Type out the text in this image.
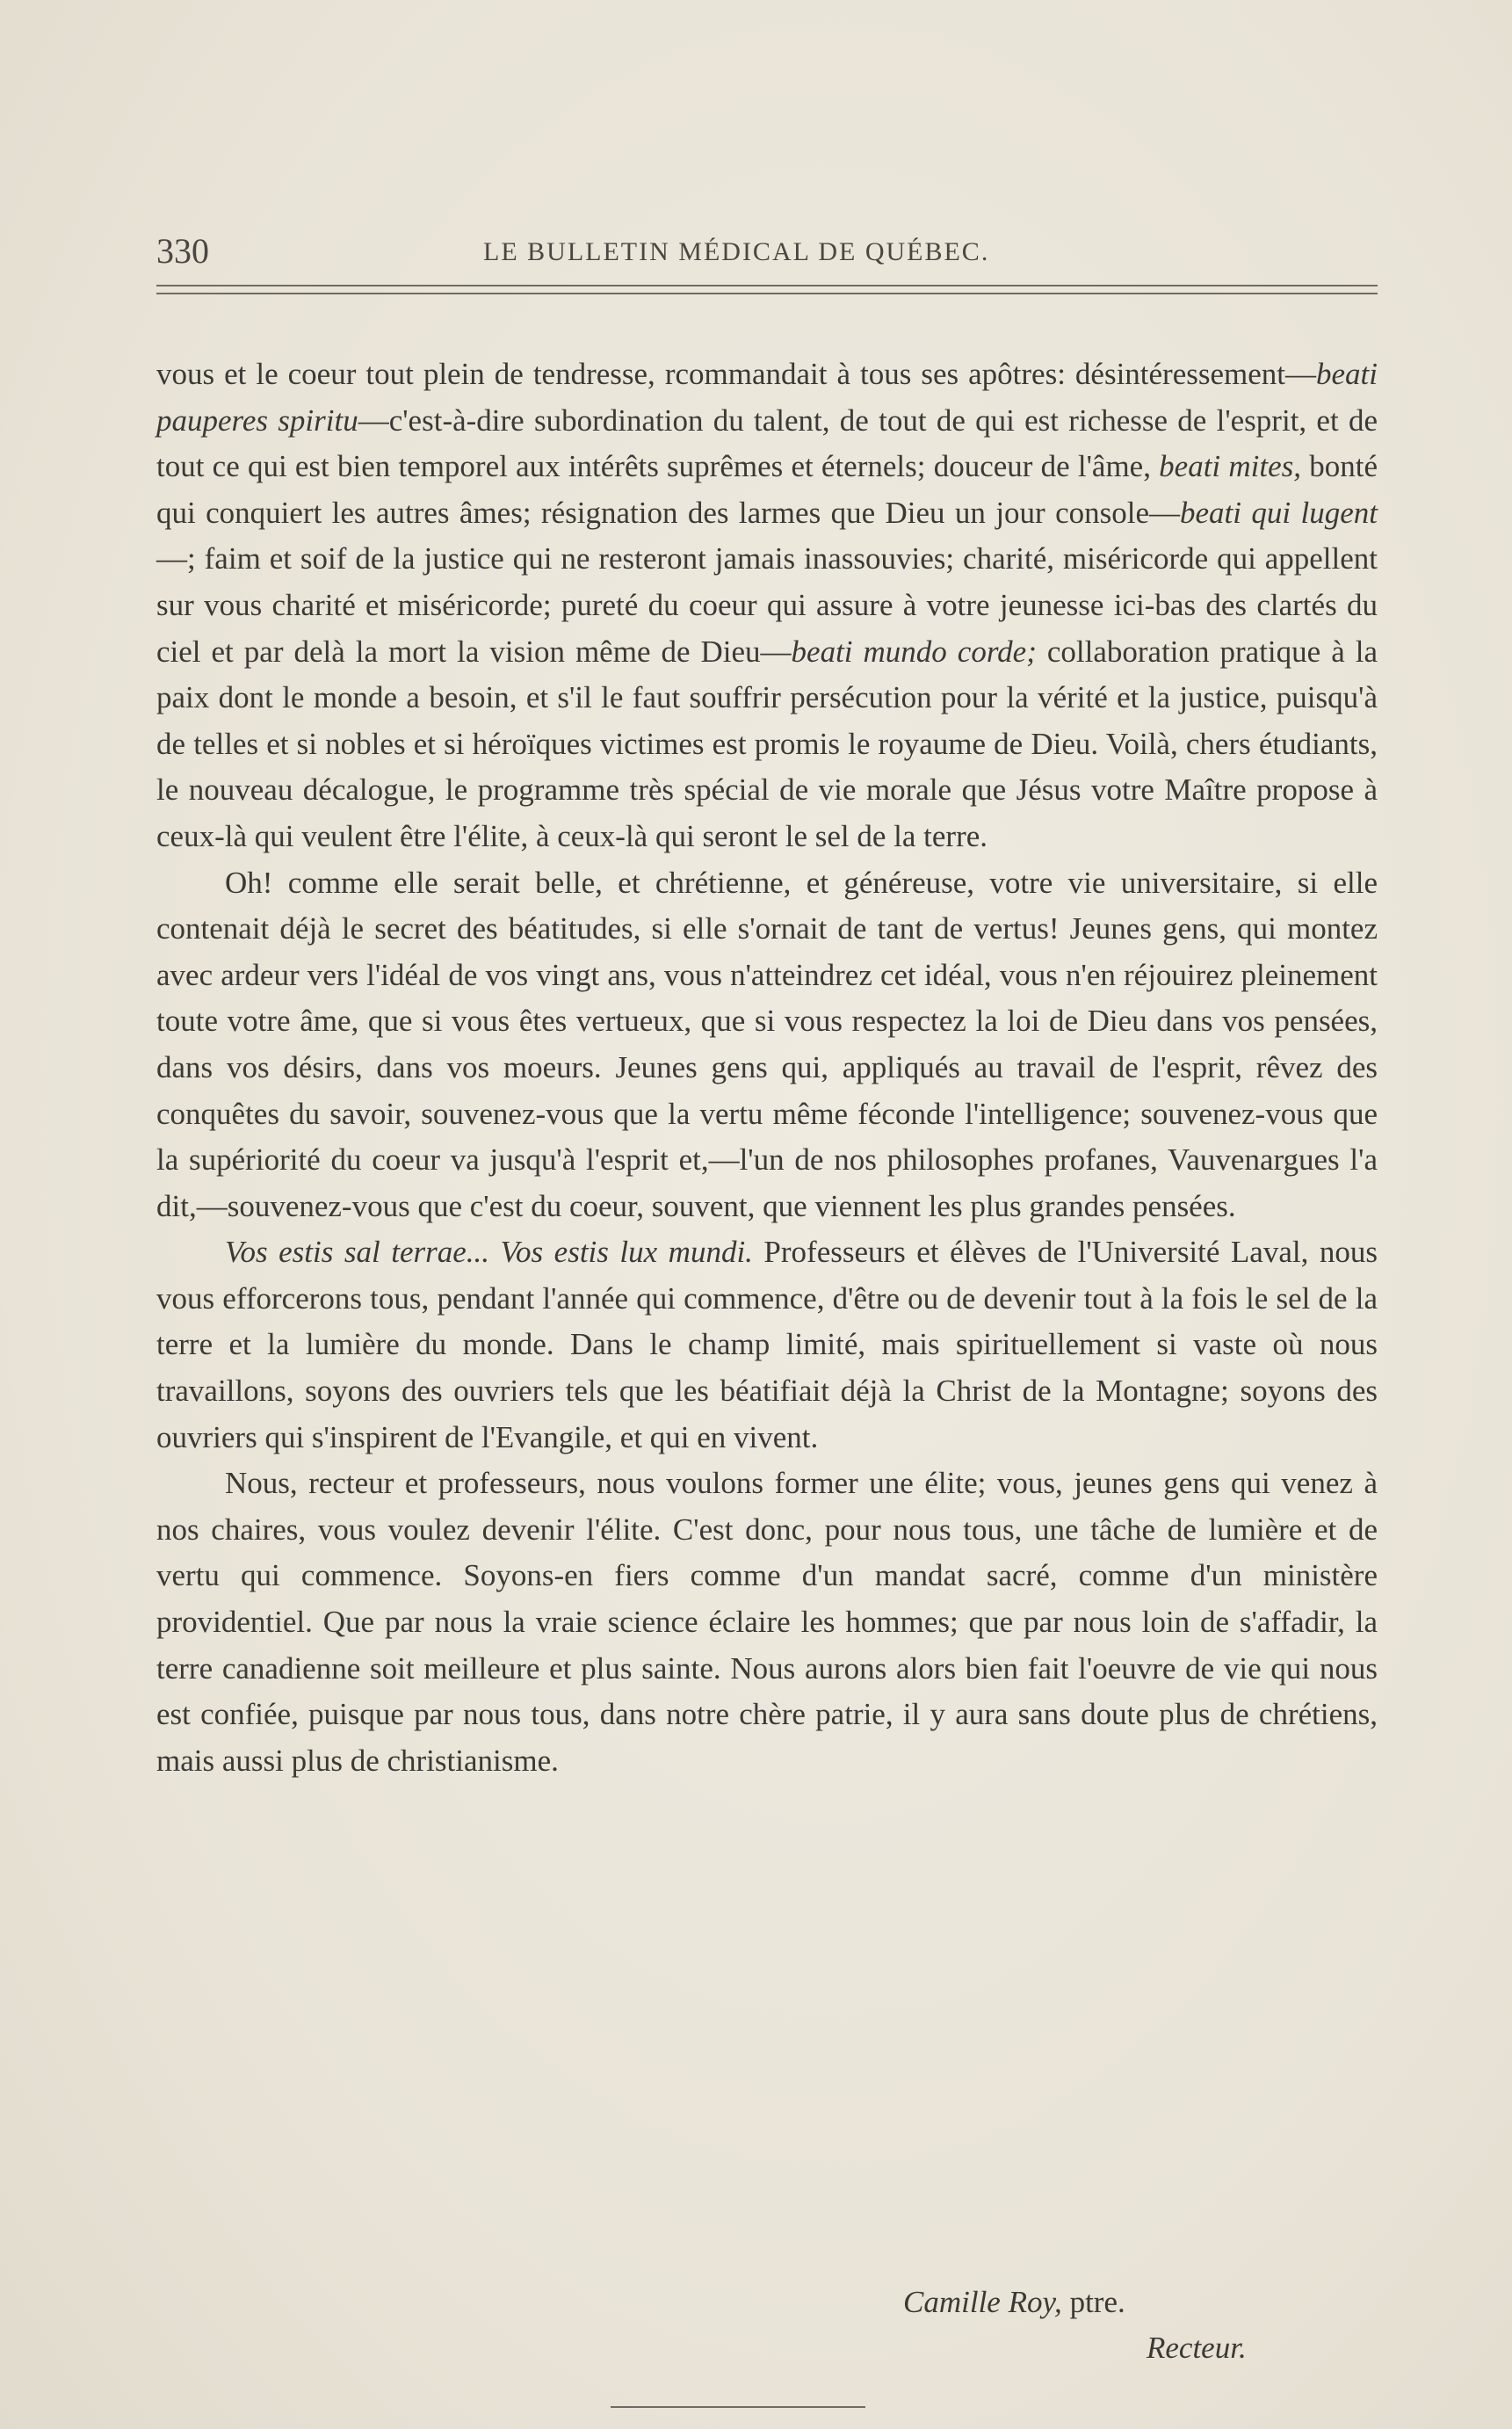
330	LE BULLETIN MÉDICAL DE QUÉBEC.

vous et le coeur tout plein de tendresse, rcommandait à tous ses apôtres: désintéressement—beati pauperes spiritu—c'est-à-dire subordination du talent, de tout de qui est richesse de l'esprit, et de tout ce qui est bien temporel aux intérêts suprêmes et éternels; douceur de l'âme, beati mites, bonté qui conquiert les autres âmes; résignation des larmes que Dieu un jour console—beati qui lugent—; faim et soif de la justice qui ne resteront jamais inassouvies; charité, miséricorde qui appellent sur vous charité et miséricorde; pureté du coeur qui assure à votre jeunesse ici-bas des clartés du ciel et par delà la mort la vision même de Dieu—beati mundo corde; collaboration pratique à la paix dont le monde a besoin, et s'il le faut souffrir persécution pour la vérité et la justice, puisqu'à de telles et si nobles et si héroïques victimes est promis le royaume de Dieu. Voilà, chers étudiants, le nouveau décalogue, le programme très spécial de vie morale que Jésus votre Maître propose à ceux-là qui veulent être l'élite, à ceux-là qui seront le sel de la terre.

Oh! comme elle serait belle, et chrétienne, et généreuse, votre vie universitaire, si elle contenait déjà le secret des béatitudes, si elle s'ornait de tant de vertus! Jeunes gens, qui montez avec ardeur vers l'idéal de vos vingt ans, vous n'atteindrez cet idéal, vous n'en réjouirez pleinement toute votre âme, que si vous êtes vertueux, que si vous respectez la loi de Dieu dans vos pensées, dans vos désirs, dans vos moeurs. Jeunes gens qui, appliqués au travail de l'esprit, rêvez des conquêtes du savoir, souvenez-vous que la vertu même féconde l'intelligence; souvenez-vous que la supériorité du coeur va jusqu'à l'esprit et,—l'un de nos philosophes profanes, Vauvenargues l'a dit,—souvenez-vous que c'est du coeur, souvent, que viennent les plus grandes pensées.

Vos estis sal terrae... Vos estis lux mundi. Professeurs et élèves de l'Université Laval, nous vous efforcerons tous, pendant l'année qui commence, d'être ou de devenir tout à la fois le sel de la terre et la lumière du monde. Dans le champ limité, mais spirituellement si vaste où nous travaillons, soyons des ouvriers tels que les béatifiait déjà la Christ de la Montagne; soyons des ouvriers qui s'inspirent de l'Evangile, et qui en vivent.

Nous, recteur et professeurs, nous voulons former une élite; vous, jeunes gens qui venez à nos chaires, vous voulez devenir l'élite. C'est donc, pour nous tous, une tâche de lumière et de vertu qui commence. Soyons-en fiers comme d'un mandat sacré, comme d'un ministère providentiel. Que par nous la vraie science éclaire les hommes; que par nous loin de s'affadir, la terre canadienne soit meilleure et plus sainte. Nous aurons alors bien fait l'oeuvre de vie qui nous est confiée, puisque par nous tous, dans notre chère patrie, il y aura sans doute plus de chrétiens, mais aussi plus de christianisme.

Camille Roy, ptre.
Recteur.
